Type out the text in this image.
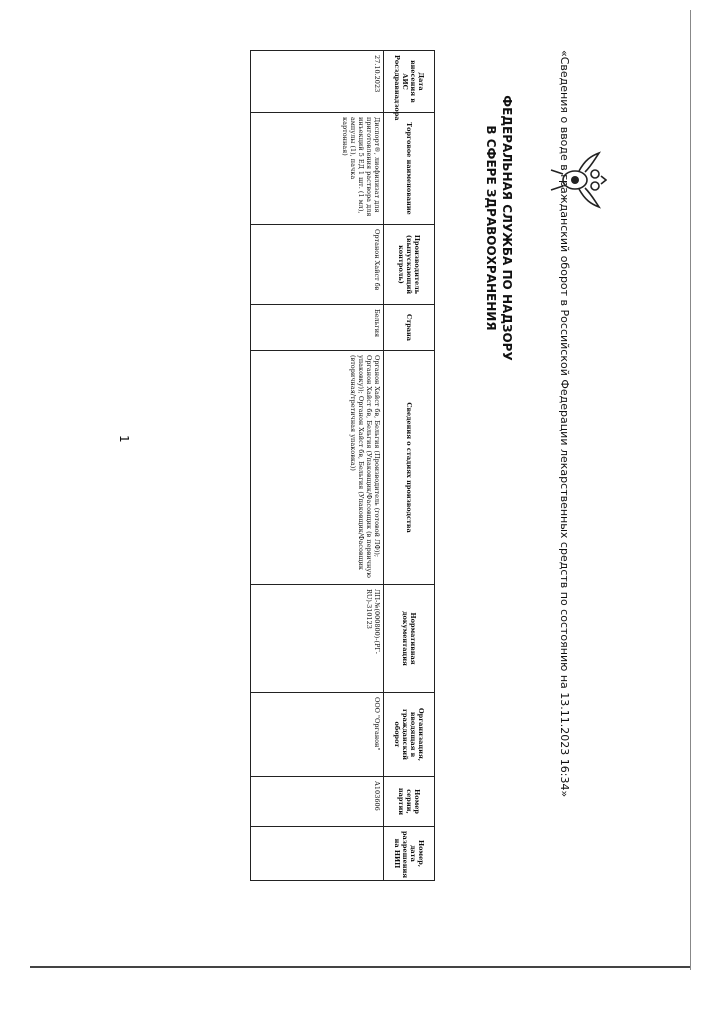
«Сведения о вводе в гражданский оборот в Российской Федерации лекарственных средств по состоянию на 13.11.2023 16:34»
ФЕДЕРАЛЬНАЯ СЛУЖБА ПО НАДЗОРУ
В СФЕРЕ ЗДРАВООХРАНЕНИЯ
Дата внесения в АИС Росздравнадзора	Торговое наименование	Производитель (выпускающий контроль)	Страна	Сведения о стадиях производства	Нормативная документация	Организация, вводящая в гражданский оборот	Номер серии, партии	Номер, дата разрешения на НИП
27.10.2023	Диспорт®, лиофилизат для приготовления раствора для инъекций 5 ЕД 1 шт. (1 мл), ампулы (1), пачка картонная)	Ортанон Хайст бв	Бельгия	Органон Хайст бв, Бельгия (Производитель (готовой ЛФ)); Органон Хайст бв, Бельгия (Упаковщик/Фасовщик (в первичную упаковку)); Органон Хайст бв, Бельгия (Упаковщик/Фасовщик (вторичная/третичная упаковка))	ЛП-№(000800)-(РГ-RU)-310123	ООО "Органон"	А103606	
1
